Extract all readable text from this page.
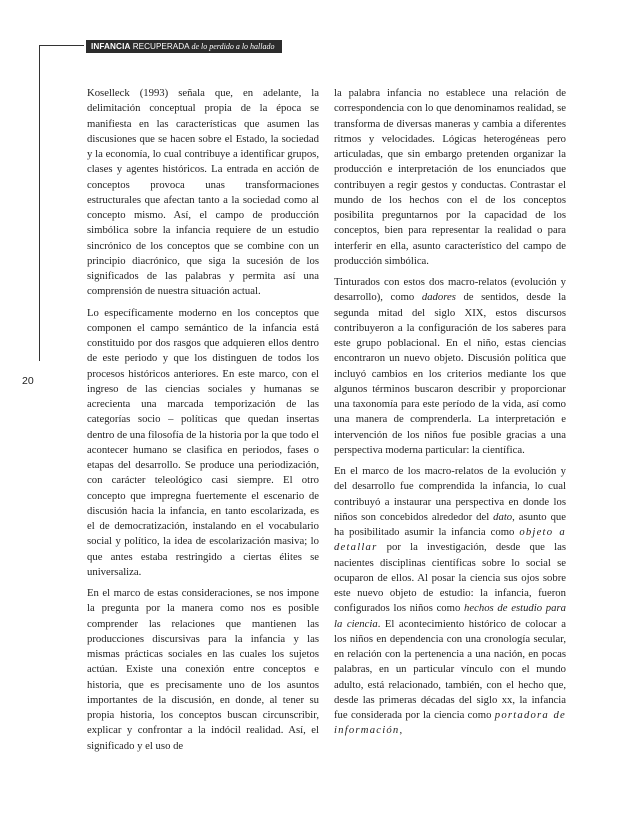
INFANCIA RECUPERADA de lo perdido a lo hallado
20

Koselleck (1993) señala que, en adelante, la delimitación conceptual propia de la época se manifiesta en las características que asumen las discusiones que se hacen sobre el Estado, la sociedad y la economía, lo cual contribuye a identificar grupos, clases y agentes históricos. La entrada en acción de conceptos provoca unas transformaciones estructurales que afectan tanto a la sociedad como al concepto mismo. Así, el campo de producción simbólica sobre la infancia requiere de un estudio sincrónico de los conceptos que se combine con un principio diacrónico, que siga la sucesión de los significados de las palabras y permita así una comprensión de nuestra situación actual.

Lo específicamente moderno en los conceptos que componen el campo semántico de la infancia está constituido por dos rasgos que adquieren ellos dentro de este periodo y que los distinguen de todos los procesos históricos anteriores. En este marco, con el ingreso de las ciencias sociales y humanas se acrecienta una marcada temporización de las categorías socio – políticas que quedan insertas dentro de una filosofía de la historia por la que todo el acontecer humano se clasifica en periodos, fases o etapas del desarrollo. Se produce una periodización, con carácter teleológico casi siempre. El otro concepto que impregna fuertemente el escenario de discusión hacia la infancia, en tanto escolarizada, es el de democratización, instalando en el vocabulario social y político, la idea de escolarización masiva; lo que antes estaba restringido a ciertas élites se universaliza.

En el marco de estas consideraciones, se nos impone la pregunta por la manera como nos es posible comprender las relaciones que mantienen las producciones discursivas para la infancia y las mismas prácticas sociales en las cuales los sujetos actúan. Existe una conexión entre conceptos e historia, que es precisamente uno de los asuntos importantes de la discusión, en donde, al tener su propia historia, los conceptos buscan circunscribir, explicar y confrontar a la indócil realidad. Así, el significado y el uso de

la palabra infancia no establece una relación de correspondencia con lo que denominamos realidad, se transforma de diversas maneras y cambia a diferentes ritmos y velocidades. Lógicas heterogéneas pero articuladas, que sin embargo pretenden organizar la producción e interpretación de los enunciados que contribuyen a regir gestos y conductas. Contrastar el mundo de los hechos con el de los conceptos posibilita preguntarnos por la capacidad de los conceptos, bien para representar la realidad o para interferir en ella, asunto característico del campo de producción simbólica.

Tinturados con estos dos macro-relatos (evolución y desarrollo), como dadores de sentidos, desde la segunda mitad del siglo XIX, estos discursos contribuyeron a la configuración de los saberes para este grupo poblacional. En el niño, estas ciencias encontraron un nuevo objeto. Discusión política que incluyó cambios en los criterios mediante los que algunos términos buscaron describir y proporcionar una taxonomía para este período de la vida, así como una manera de comprenderla. La interpretación e intervención de los niños fue posible gracias a una perspectiva moderna particular: la científica.

En el marco de los macro-relatos de la evolución y del desarrollo fue comprendida la infancia, lo cual contribuyó a instaurar una perspectiva en donde los niños son concebidos alrededor del dato, asunto que ha posibilitado asumir la infancia como objeto a detallar por la investigación, desde que las nacientes disciplinas científicas sobre lo social se ocuparon de ellos. Al posar la ciencia sus ojos sobre este nuevo objeto de estudio: la infancia, fueron configurados los niños como hechos de estudio para la ciencia. El acontecimiento histórico de colocar a los niños en dependencia con una cronología secular, en relación con la pertenencia a una nación, en pocas palabras, en un particular vínculo con el mundo adulto, está relacionado, también, con el hecho que, desde las primeras décadas del siglo xx, la infancia fue considerada por la ciencia como portadora de información,
